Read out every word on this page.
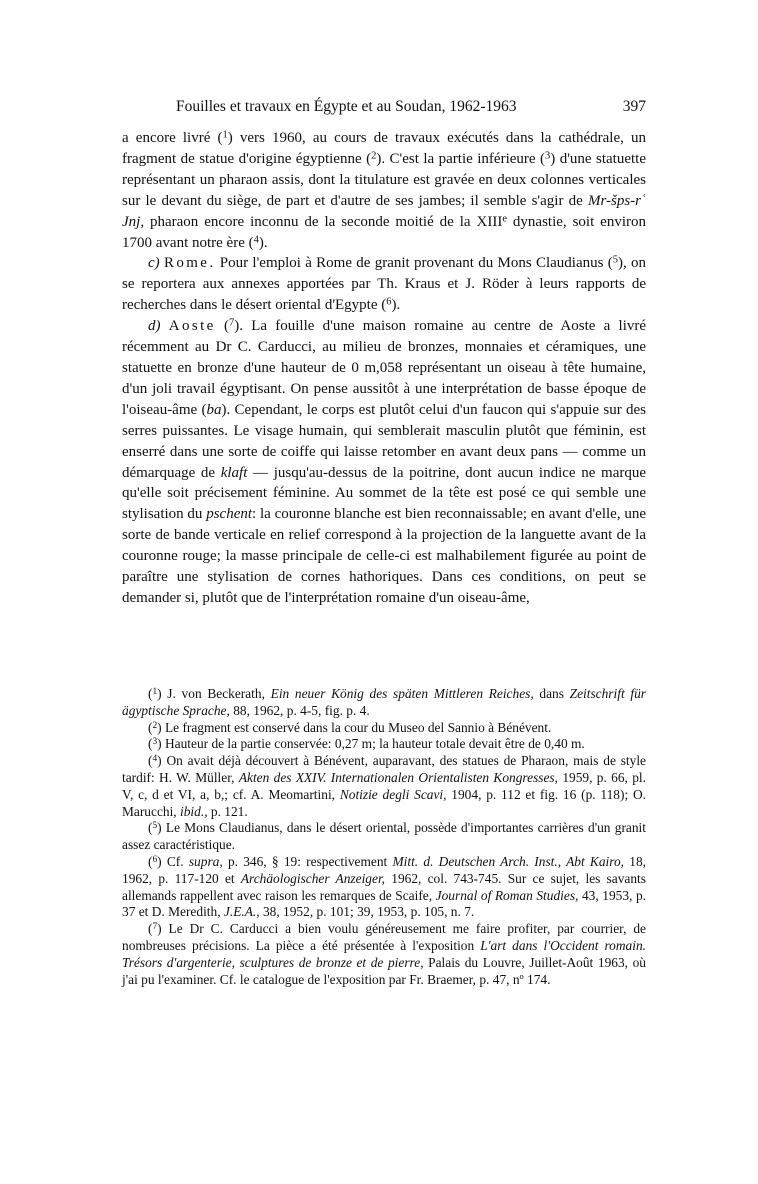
Fouilles et travaux en Égypte et au Soudan, 1962-1963	397

a encore livré ($^1$) vers 1960, au cours de travaux exécutés dans la cathédrale, un fragment de statue d'origine égyptienne ($^2$). C'est la partie inférieure ($^3$) d'une statuette représentant un pharaon assis, dont la titulature est gravée en deux colonnes verticales sur le devant du siège, de part et d'autre de ses jambes; il semble s'agir de Mr-šps-rʿ Jnj, pharaon encore inconnu de la seconde moitié de la XIIIe dynastie, soit environ 1700 avant notre ère ($^4$).

c) Rome. Pour l'emploi à Rome de granit provenant du Mons Claudianus ($^5$), on se reportera aux annexes apportées par Th. Kraus et J. Röder à leurs rapports de recherches dans le désert oriental d'Egypte ($^6$).

d) Aoste ($^7$). La fouille d'une maison romaine au centre de Aoste a livré récemment au Dr C. Carducci, au milieu de bronzes, monnaies et céramiques, une statuette en bronze d'une hauteur de 0 m,058 représentant un oiseau à tête humaine, d'un joli travail égyptisant. On pense aussitôt à une interprétation de basse époque de l'oiseau-âme (ba). Cependant, le corps est plutôt celui d'un faucon qui s'appuie sur des serres puissantes. Le visage humain, qui semblerait masculin plutôt que féminin, est enserré dans une sorte de coiffe qui laisse retomber en avant deux pans — comme un démarquage de klaft — jusqu'au-dessus de la poitrine, dont aucun indice ne marque qu'elle soit précisement féminine. Au sommet de la tête est posé ce qui semble une stylisation du pschent: la couronne blanche est bien reconnaissable; en avant d'elle, une sorte de bande verticale en relief correspond à la projection de la languette avant de la couronne rouge; la masse principale de celle-ci est malhabilement figurée au point de paraître une stylisation de cornes hathoriques. Dans ces conditions, on peut se demander si, plutôt que de l'interprétation romaine d'un oiseau-âme,

($^1$) J. von Beckerath, Ein neuer König des späten Mittleren Reiches, dans Zeitschrift für ägyptische Sprache, 88, 1962, p. 4-5, fig. p. 4.

($^2$) Le fragment est conservé dans la cour du Museo del Sannio à Bénévent.

($^3$) Hauteur de la partie conservée: 0,27 m; la hauteur totale devait être de 0,40 m.

($^4$) On avait déjà découvert à Bénévent, auparavant, des statues de Pharaon, mais de style tardif: H. W. Müller, Akten des XXIV. Internationalen Orientalisten Kongresses, 1959, p. 66, pl. V, c, d et VI, a, b,; cf. A. Meomartini, Notizie degli Scavi, 1904, p. 112 et fig. 16 (p. 118); O. Marucchi, ibid., p. 121.

($^5$) Le Mons Claudianus, dans le désert oriental, possède d'importantes carrières d'un granit assez caractéristique.

($^6$) Cf. supra, p. 346, § 19: respectivement Mitt. d. Deutschen Arch. Inst., Abt Kairo, 18, 1962, p. 117-120 et Archäologischer Anzeiger, 1962, col. 743-745. Sur ce sujet, les savants allemands rappellent avec raison les remarques de Scaife, Journal of Roman Studies, 43, 1953, p. 37 et D. Meredith, J.E.A., 38, 1952, p. 101; 39, 1953, p. 105, n. 7.

($^7$) Le Dr C. Carducci a bien voulu généreusement me faire profiter, par courrier, de nombreuses précisions. La pièce a été présentée à l'exposition L'art dans l'Occident romain. Trésors d'argenterie, sculptures de bronze et de pierre, Palais du Louvre, Juillet-Août 1963, où j'ai pu l'examiner. Cf. le catalogue de l'exposition par Fr. Braemer, p. 47, nº 174.
